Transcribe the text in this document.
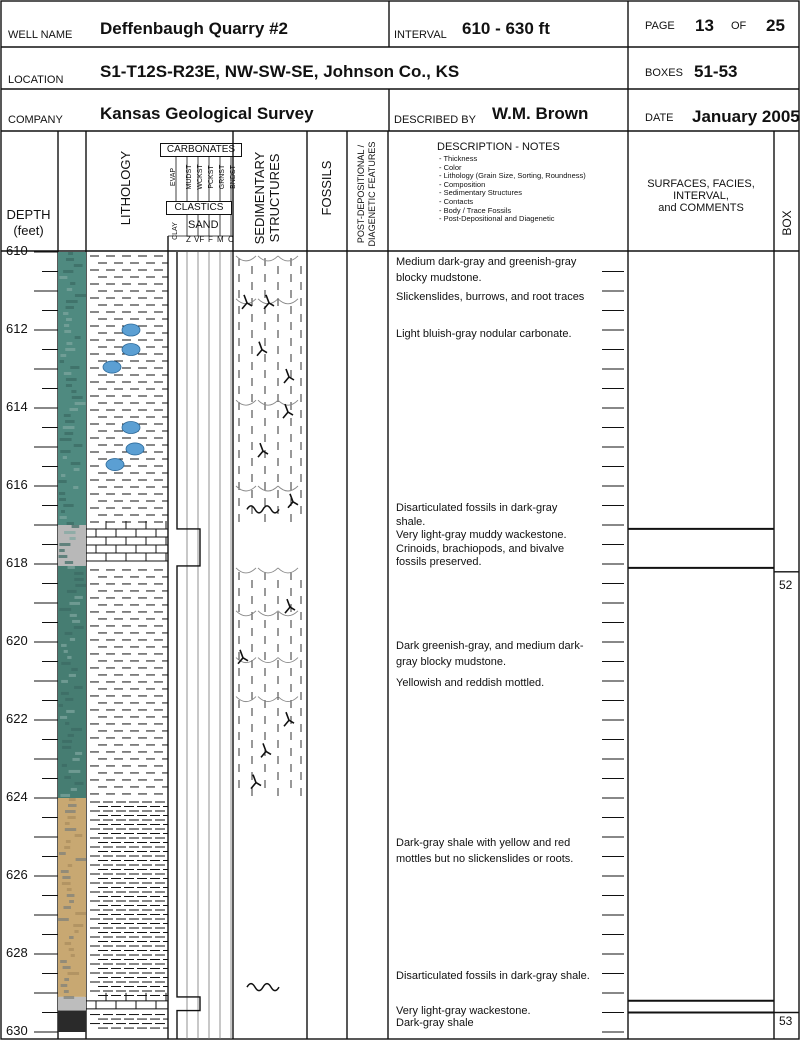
WELL NAME Deffenbaugh Quarry #2	INTERVAL 610 - 630 ft	PAGE 13 OF 25
LOCATION S1-T12S-R23E, NW-SW-SE, Johnson Co., KS	BOXES 51-53
COMPANY Kansas Geological Survey	DESCRIBED BY W.M. Brown	DATE January 2005
DEPTH
(feet)
LITHOLOGY
CARBONATES
CLASTICS
EVAP MUDST WCKST PCKST GRNST BNDST
CLAY SAND
Z VF F M C SEDIMENTARY STRUCTURES	FOSSILS POST-DEPOSITIONAL / DIAGENETIC FEATURES	DESCRIPTION - NOTES
- Thickness
- Color
- Lithology (Grain Size, Sorting, Roundness)
- Composition
- Sedimentary Structures
- Contacts
- Body / Trace Fossils
- Post-Depositional and Diagenetic
SURFACES, FACIES,
INTERVAL,
and COMMENTS
BOX
610
612
614
616
618
620
622
624
626
628
630
Medium dark-gray and greenish-gray
blocky mudstone.
Slickenslides, burrows, and root traces
Light bluish-gray nodular carbonate.
Disarticulated fossils in dark-gray
shale.
Very light-gray muddy wackestone.
Crinoids, brachiopods, and bivalve
fossils preserved.
Dark greenish-gray, and medium dark-
gray blocky mudstone.
Yellowish and reddish mottled.
Dark-gray shale with yellow and red
mottles but no slickenslides or roots.
Disarticulated fossils in dark-gray shale.
Very light-gray wackestone.
Dark-gray shale
52
53
